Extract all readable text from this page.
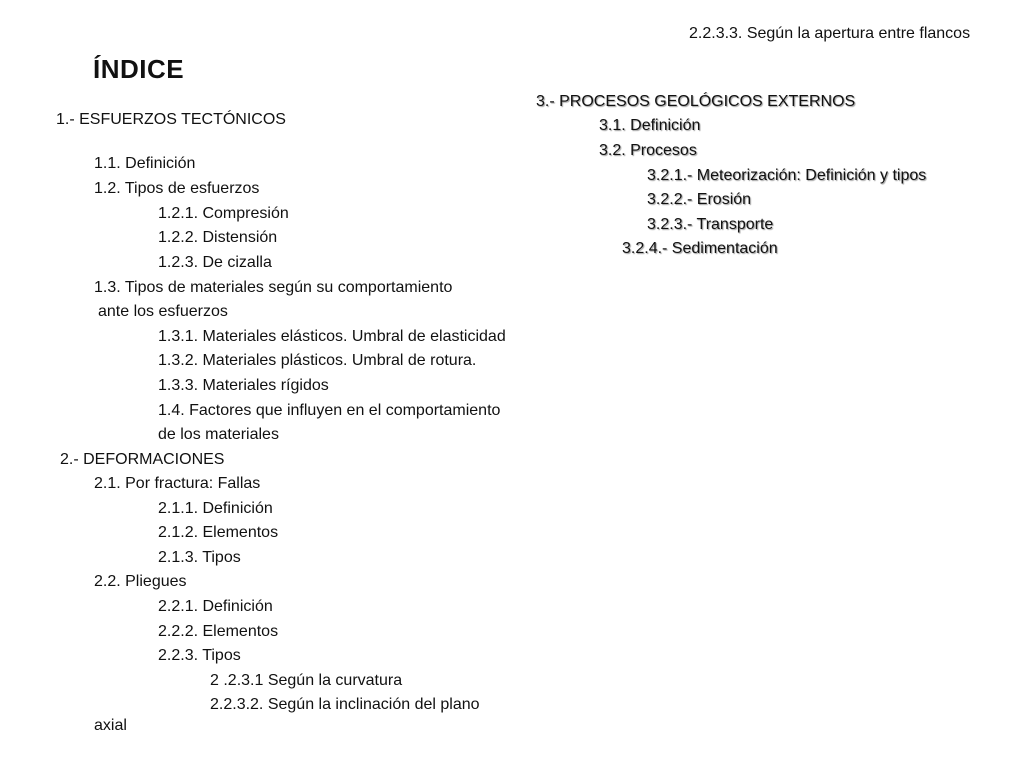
2.2.3.3. Según la apertura entre flancos
ÍNDICE
1.- ESFUERZOS TECTÓNICOS
1.1. Definición
1.2. Tipos de esfuerzos
1.2.1. Compresión
1.2.2. Distensión
1.2.3. De cizalla
1.3. Tipos de materiales según su comportamiento
ante los esfuerzos
1.3.1. Materiales elásticos. Umbral de elasticidad
1.3.2. Materiales plásticos. Umbral de rotura.
1.3.3. Materiales rígidos
1.4. Factores que influyen en el comportamiento
de los materiales
2.- DEFORMACIONES
2.1. Por fractura: Fallas
2.1.1. Definición
2.1.2. Elementos
2.1.3. Tipos
2.2. Pliegues
2.2.1. Definición
2.2.2. Elementos
2.2.3. Tipos
2 .2.3.1 Según la curvatura
2.2.3.2. Según la inclinación del plano
axial
3.- PROCESOS GEOLÓGICOS EXTERNOS
3.1. Definición
3.2. Procesos
3.2.1.- Meteorización: Definición y tipos
3.2.2.- Erosión
3.2.3.- Transporte
3.2.4.- Sedimentación
